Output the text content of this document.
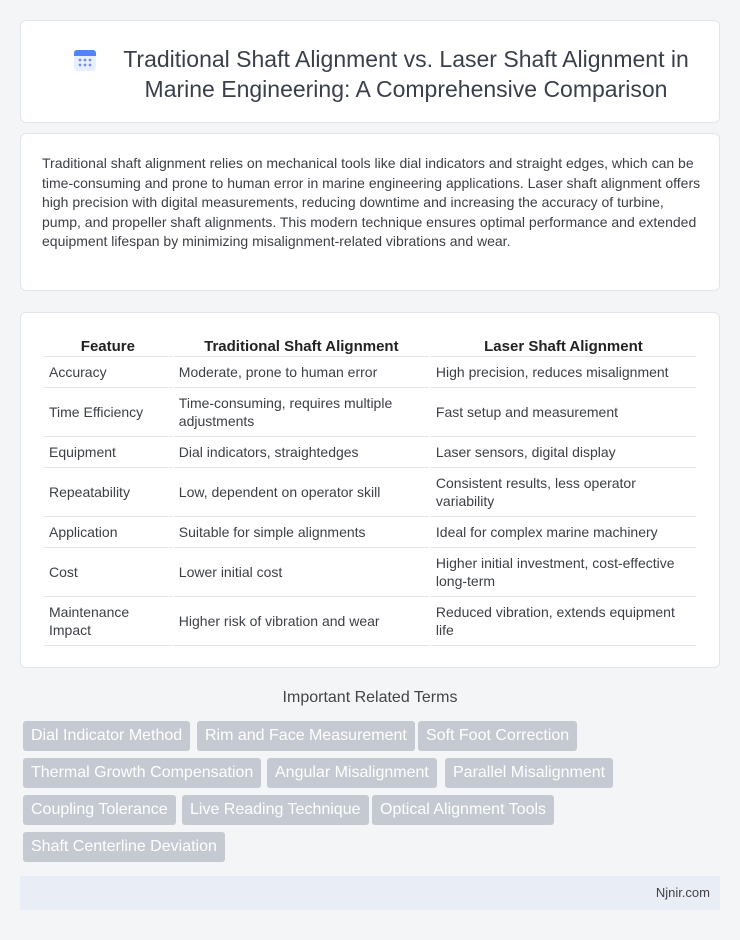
Traditional Shaft Alignment vs. Laser Shaft Alignment in Marine Engineering: A Comprehensive Comparison

Traditional shaft alignment relies on mechanical tools like dial indicators and straight edges, which can be time-consuming and prone to human error in marine engineering applications. Laser shaft alignment offers high precision with digital measurements, reducing downtime and increasing the accuracy of turbine, pump, and propeller shaft alignments. This modern technique ensures optimal performance and extended equipment lifespan by minimizing misalignment-related vibrations and wear.

Feature	Traditional Shaft Alignment	Laser Shaft Alignment
Accuracy	Moderate, prone to human error	High precision, reduces misalignment
Time Efficiency	Time-consuming, requires multiple adjustments	Fast setup and measurement
Equipment	Dial indicators, straightedges	Laser sensors, digital display
Repeatability	Low, dependent on operator skill	Consistent results, less operator variability
Application	Suitable for simple alignments	Ideal for complex marine machinery
Cost	Lower initial cost	Higher initial investment, cost-effective long-term
Maintenance Impact	Higher risk of vibration and wear	Reduced vibration, extends equipment life
Important Related Terms
Dial Indicator Method	Rim and Face Measurement	Soft Foot Correction
Thermal Growth Compensation	Angular Misalignment	Parallel Misalignment
Coupling Tolerance	Live Reading Technique	Optical Alignment Tools
Shaft Centerline Deviation
Njnir.com
